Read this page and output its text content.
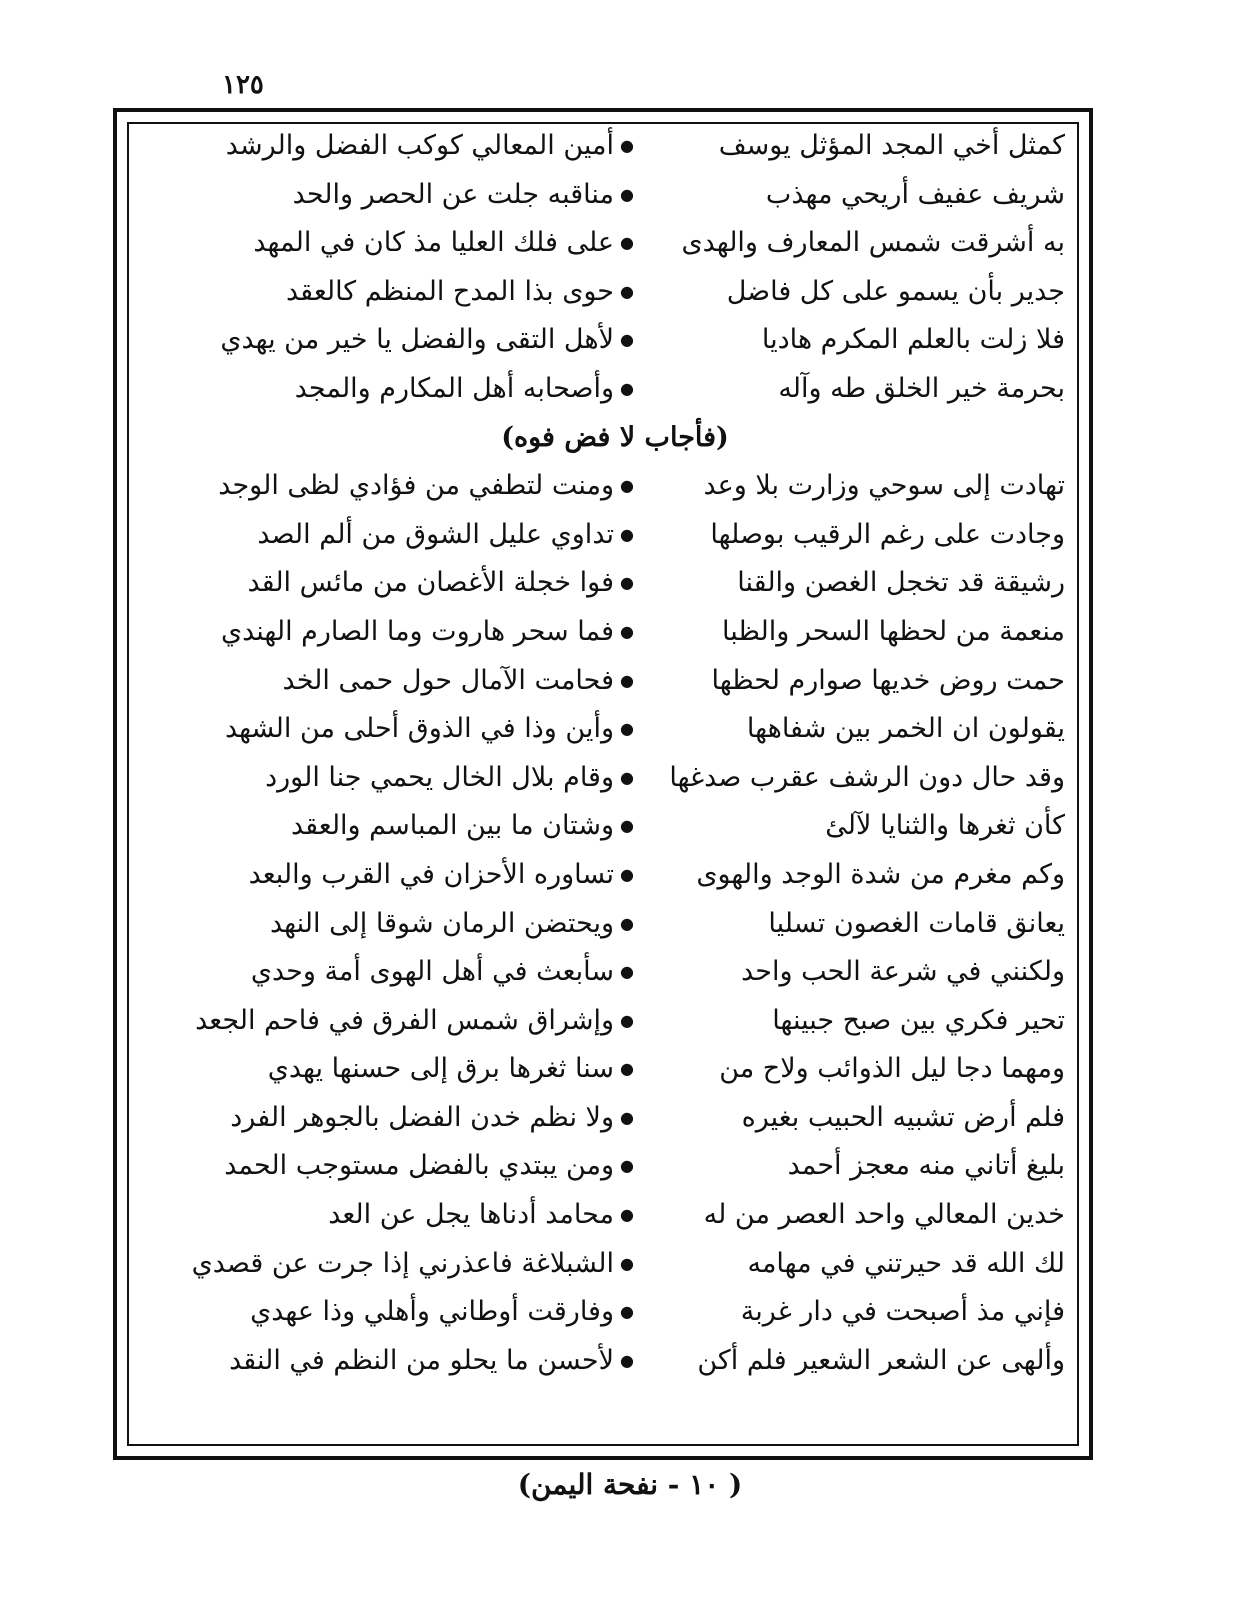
١٢٥
كمثل أخي المجد المؤثل يوسف
●
أمين المعالي كوكب الفضل والرشد
شريف عفيف أريحي مهذب
●
مناقبه جلت عن الحصر والحد
به أشرقت شمس المعارف والهدى
●
على فلك العليا مذ كان في المهد
جدير بأن يسمو على كل فاضل
●
حوى بذا المدح المنظم كالعقد
فلا زلت بالعلم المكرم هاديا
●
لأهل التقى والفضل يا خير من يهدي
بحرمة خير الخلق طه وآله
●
وأصحابه أهل المكارم والمجد
(فأجاب لا فض فوه)
تهادت إلى سوحي وزارت بلا وعد
●
ومنت لتطفي من فؤادي لظى الوجد
وجادت على رغم الرقيب بوصلها
●
تداوي عليل الشوق من ألم الصد
رشيقة قد تخجل الغصن والقنا
●
فوا خجلة الأغصان من مائس القد
منعمة من لحظها السحر والظبا
●
فما سحر هاروت وما الصارم الهندي
حمت روض خديها صوارم لحظها
●
فحامت الآمال حول حمى الخد
يقولون ان الخمر بين شفاهها
●
وأين وذا في الذوق أحلى من الشهد
وقد حال دون الرشف عقرب صدغها
●
وقام بلال الخال يحمي جنا الورد
كأن ثغرها والثنايا لآلئ
●
وشتان ما بين المباسم والعقد
وكم مغرم من شدة الوجد والهوى
●
تساوره الأحزان في القرب والبعد
يعانق قامات الغصون تسليا
●
ويحتضن الرمان شوقا إلى النهد
ولكنني في شرعة الحب واحد
●
سأبعث في أهل الهوى أمة وحدي
تحير فكري بين صبح جبينها
●
وإشراق شمس الفرق في فاحم الجعد
ومهما دجا ليل الذوائب ولاح من
●
سنا ثغرها برق إلى حسنها يهدي
فلم أرض تشبيه الحبيب بغيره
●
ولا نظم خدن الفضل بالجوهر الفرد
بليغ أتاني منه معجز أحمد
●
ومن يبتدي بالفضل مستوجب الحمد
خدين المعالي واحد العصر من له
●
محامد أدناها يجل عن العد
لك الله قد حيرتني في مهامه
●
الشبلاغة فاعذرني إذا جرت عن قصدي
فإني مذ أصبحت في دار غربة
●
وفارقت أوطاني وأهلي وذا عهدي
وألهى عن الشعر الشعير فلم أكن
●
لأحسن ما يحلو من النظم في النقد
( ١٠ - نفحة اليمن)
